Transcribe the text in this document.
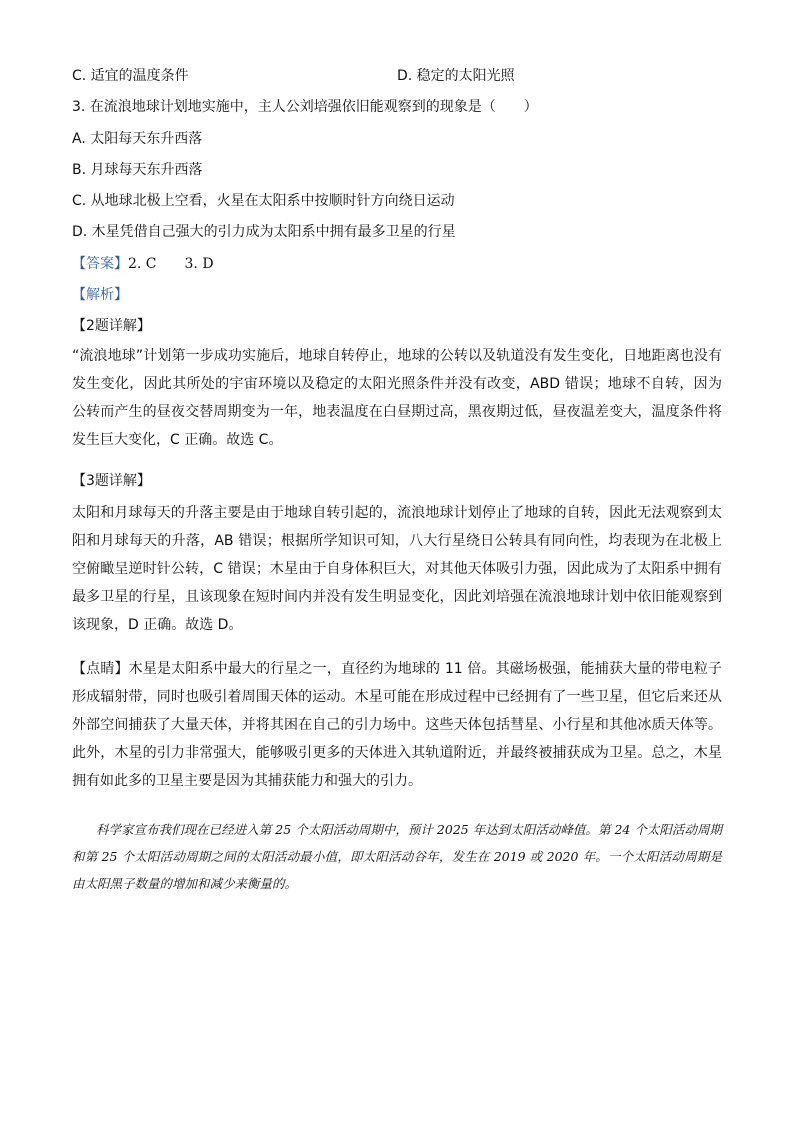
C. 适宜的温度条件	D. 稳定的太阳光照
3. 在流浪地球计划地实施中，主人公刘培强依旧能观察到的现象是（　　）
A. 太阳每天东升西落
B. 月球每天东升西落
C. 从地球北极上空看，火星在太阳系中按顺时针方向绕日运动
D. 木星凭借自己强大的引力成为太阳系中拥有最多卫星的行星
【答案】2. C　　3. D
【解析】
【2题详解】
“流浪地球”计划第一步成功实施后，地球自转停止，地球的公转以及轨道没有发生变化，日地距离也没有发生变化，因此其所处的宇宙环境以及稳定的太阳光照条件并没有改变，ABD 错误；地球不自转，因为公转而产生的昼夜交替周期变为一年，地表温度在白昼期过高，黑夜期过低，昼夜温差变大，温度条件将发生巨大变化，C 正确。故选 C。
【3题详解】
太阳和月球每天的升落主要是由于地球自转引起的，流浪地球计划停止了地球的自转，因此无法观察到太阳和月球每天的升落，AB 错误；根据所学知识可知，八大行星绕日公转具有同向性，均表现为在北极上空俯瞰呈逆时针公转，C 错误；木星由于自身体积巨大，对其他天体吸引力强，因此成为了太阳系中拥有最多卫星的行星，且该现象在短时间内并没有发生明显变化，因此刘培强在流浪地球计划中依旧能观察到该现象，D 正确。故选 D。
【点睛】木星是太阳系中最大的行星之一，直径约为地球的 11 倍。其磁场极强，能捕获大量的带电粒子形成辐射带，同时也吸引着周围天体的运动。木星可能在形成过程中已经拥有了一些卫星，但它后来还从外部空间捕获了大量天体，并将其困在自己的引力场中。这些天体包括彗星、小行星和其他冰质天体等。此外，木星的引力非常强大，能够吸引更多的天体进入其轨道附近，并最终被捕获成为卫星。总之，木星拥有如此多的卫星主要是因为其捕获能力和强大的引力。
科学家宣布我们现在已经进入第 25 个太阳活动周期中，预计 2025 年达到太阳活动峰值。第 24 个太阳活动周期和第 25 个太阳活动周期之间的太阳活动最小值，即太阳活动谷年，发生在 2019 或 2020 年。一个太阳活动周期是由太阳黑子数量的增加和减少来衡量的。
